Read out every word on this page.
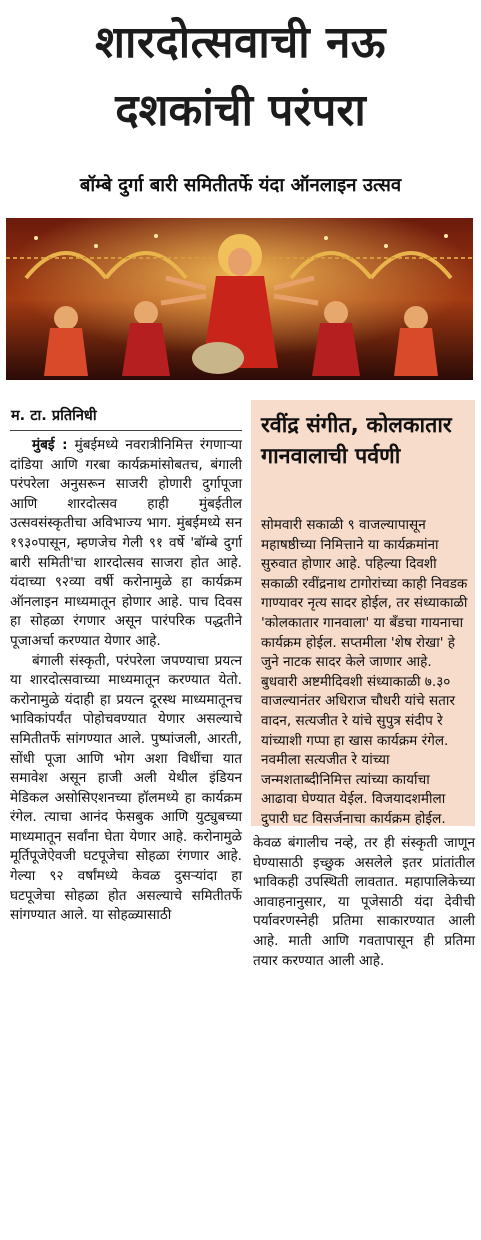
शारदोत्सवाची नऊ
दशकांची परंपरा
बॉम्बे दुर्गा बारी समितीतर्फे यंदा ऑनलाइन उत्सव
म. टा. प्रतिनिधी

मुंबई : मुंबईमध्ये नवरात्रीनिमित्त रंगणाऱ्या दांडिया आणि गरबा कार्यक्रमांसोबतच, बंगाली परंपरेला अनुसरून साजरी होणारी दुर्गापूजा आणि शारदोत्सव हाही मुंबईतील उत्सवसंस्कृतीचा अविभाज्य भाग. मुंबईमध्ये सन १९३०पासून, म्हणजेच गेली ९१ वर्षे 'बॉम्बे दुर्गा बारी समिती'चा शारदोत्सव साजरा होत आहे. यंदाच्या ९२व्या वर्षी करोनामुळे हा कार्यक्रम ऑनलाइन माध्यमातून होणार आहे. पाच दिवस हा सोहळा रंगणार असून पारंपरिक पद्धतीने पूजाअर्चा करण्यात येणार आहे.

बंगाली संस्कृती, परंपरेला जपण्याचा प्रयत्न या शारदोत्सवाच्या माध्यमातून करण्यात येतो. करोनामुळे यंदाही हा प्रयत्न दूरस्थ माध्यमातूनच भाविकांपर्यंत पोहोचवण्यात येणार असल्याचे समितीतर्फे सांगण्यात आले. पुष्पांजली, आरती, सोंधी पूजा आणि भोग अशा विधींचा यात समावेश असून हाजी अली येथील इंडियन मेडिकल असोसिएशनच्या हॉलमध्ये हा कार्यक्रम रंगेल. त्याचा आनंद फेसबुक आणि युट्युबच्या माध्यमातून सर्वांना घेता येणार आहे. करोनामुळे मूर्तिपूजेऐवजी घटपूजेचा सोहळा रंगणार आहे. गेल्या ९२ वर्षांमध्ये केवळ दुसऱ्यांदा हा घटपूजेचा सोहळा होत असल्याचे समितीतर्फे सांगण्यात आले. या सोहळ्यासाठी

रवींद्र संगीत, कोलकातार गानवालाची पर्वणी
सोमवारी सकाळी ९ वाजल्यापासून महाषष्ठीच्या निमित्ताने या कार्यक्रमांना सुरुवात होणार आहे. पहिल्या दिवशी सकाळी रवींद्रनाथ टागोरांच्या काही निवडक गाण्यावर नृत्य सादर होईल, तर संध्याकाळी 'कोलकातार गानवाला' या बँडचा गायनाचा कार्यक्रम होईल. सप्तमीला 'शेष रोखा' हे जुने नाटक सादर केले जाणार आहे. बुधवारी अष्टमीदिवशी संध्याकाळी ७.३० वाजल्यानंतर अधिराज चौधरी यांचे सतार वादन, सत्यजीत रे यांचे सुपुत्र संदीप रे यांच्याशी गप्पा हा खास कार्यक्रम रंगेल. नवमीला सत्यजीत रे यांच्या जन्मशताब्दीनिमित्त त्यांच्या कार्याचा आढावा घेण्यात येईल. विजयादशमीला दुपारी घट विसर्जनाचा कार्यक्रम होईल.

केवळ बंगालीच नव्हे, तर ही संस्कृती जाणून घेण्यासाठी इच्छुक असलेले इतर प्रांतांतील भाविकही उपस्थिती लावतात. महापालिकेच्या आवाहनानुसार, या पूजेसाठी यंदा देवीची पर्यावरणस्नेही प्रतिमा साकारण्यात आली आहे. माती आणि गवतापासून ही प्रतिमा तयार करण्यात आली आहे.
